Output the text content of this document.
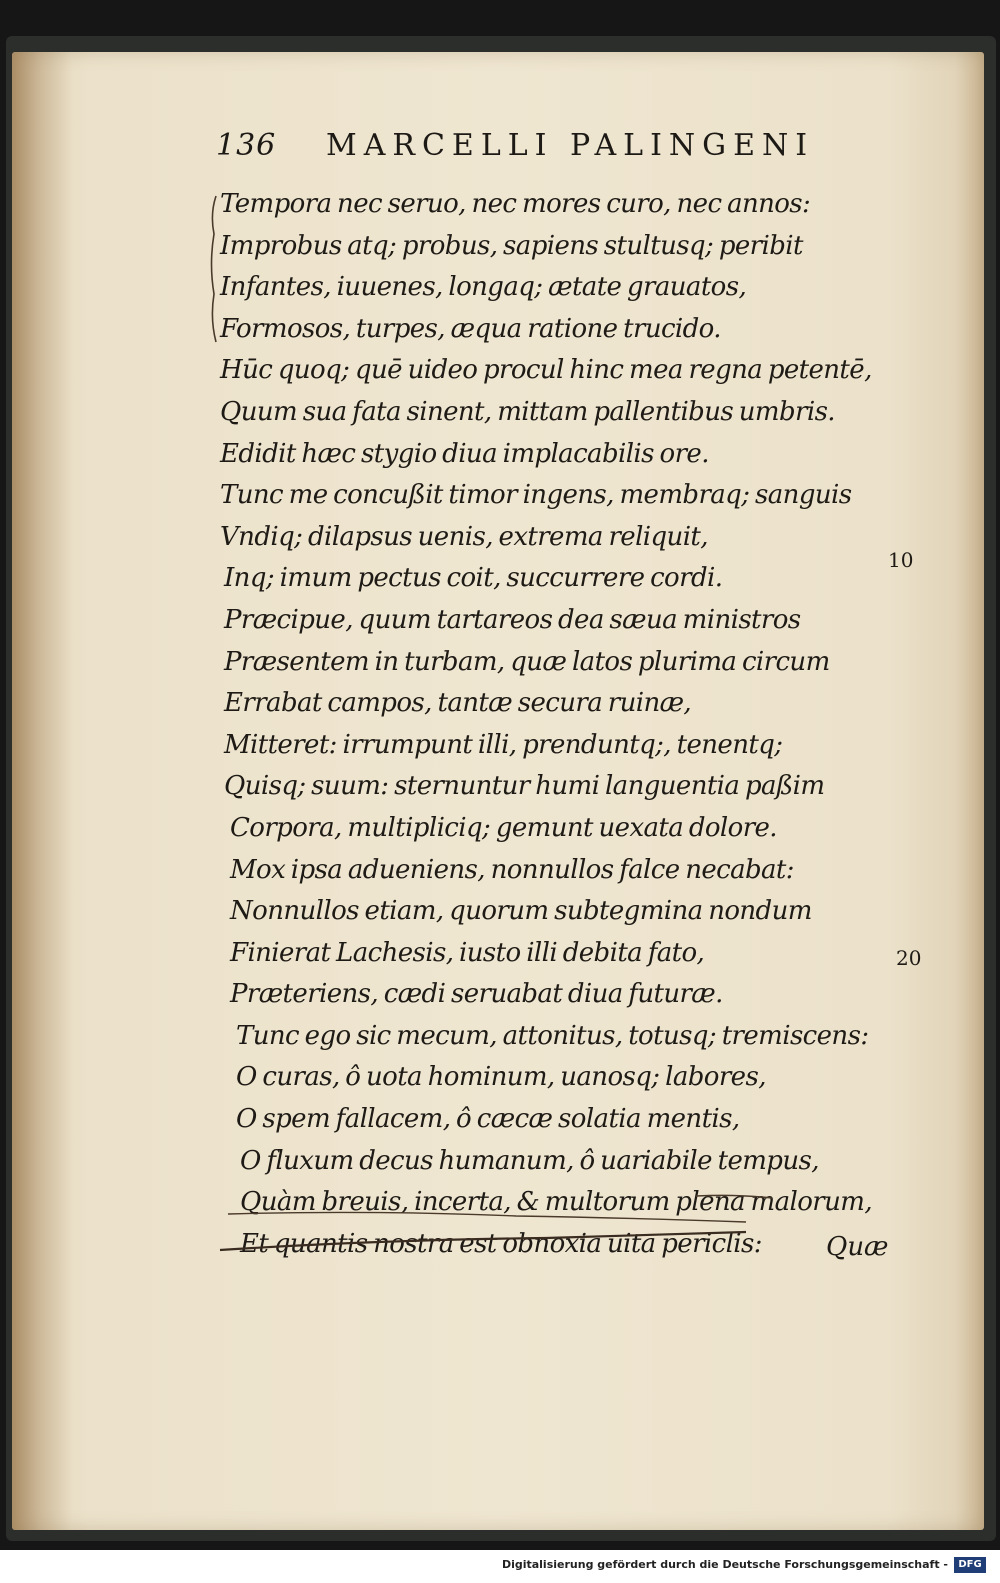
136 MARCELLI PALINGENI
Tempora nec seruo, nec mores curo, nec annos:
Improbus atq; probus, sapiens stultusq; peribit
Infantes, iuuenes, longaq; ætate grauatos,
Formosos, turpes, æqua ratione trucido.
Hūc quoq; quē uideo procul hinc mea regna petentē,
Quum sua fata sinent, mittam pallentibus umbris.
Edidit hæc stygio diua implacabilis ore.
Tunc me concußit timor ingens, membraq; sanguis
Vndiq; dilapsus uenis, extrema reliquit,
Inq; imum pectus coit, succurrere cordi.
Præcipue, quum tartareos dea sæua ministros
Præsentem in turbam, quæ latos plurima circum
Errabat campos, tantæ secura ruinæ,
Mitteret: irrumpunt illi, prenduntq;, tenentq;
Quisq; suum: sternuntur humi languentia paßim
Corpora, multipliciq; gemunt uexata dolore.
Mox ipsa adueniens, nonnullos falce necabat:
Nonnullos etiam, quorum subtegmina nondum
Finierat Lachesis, iusto illi debita fato,
Præteriens, cædi seruabat diua futuræ.
Tunc ego sic mecum, attonitus, totusq; tremiscens:
O curas, ô uota hominum, uanosq; labores,
O spem fallacem, ô cæcæ solatia mentis,
O fluxum decus humanum, ô uariabile tempus,
Quàm breuis, incerta, & multorum plena malorum,
Et quantis nostra est obnoxia uita periclis:
10
20
Quæ
Digitalisierung gefördert durch die Deutsche Forschungsgemeinschaft -	DFG
